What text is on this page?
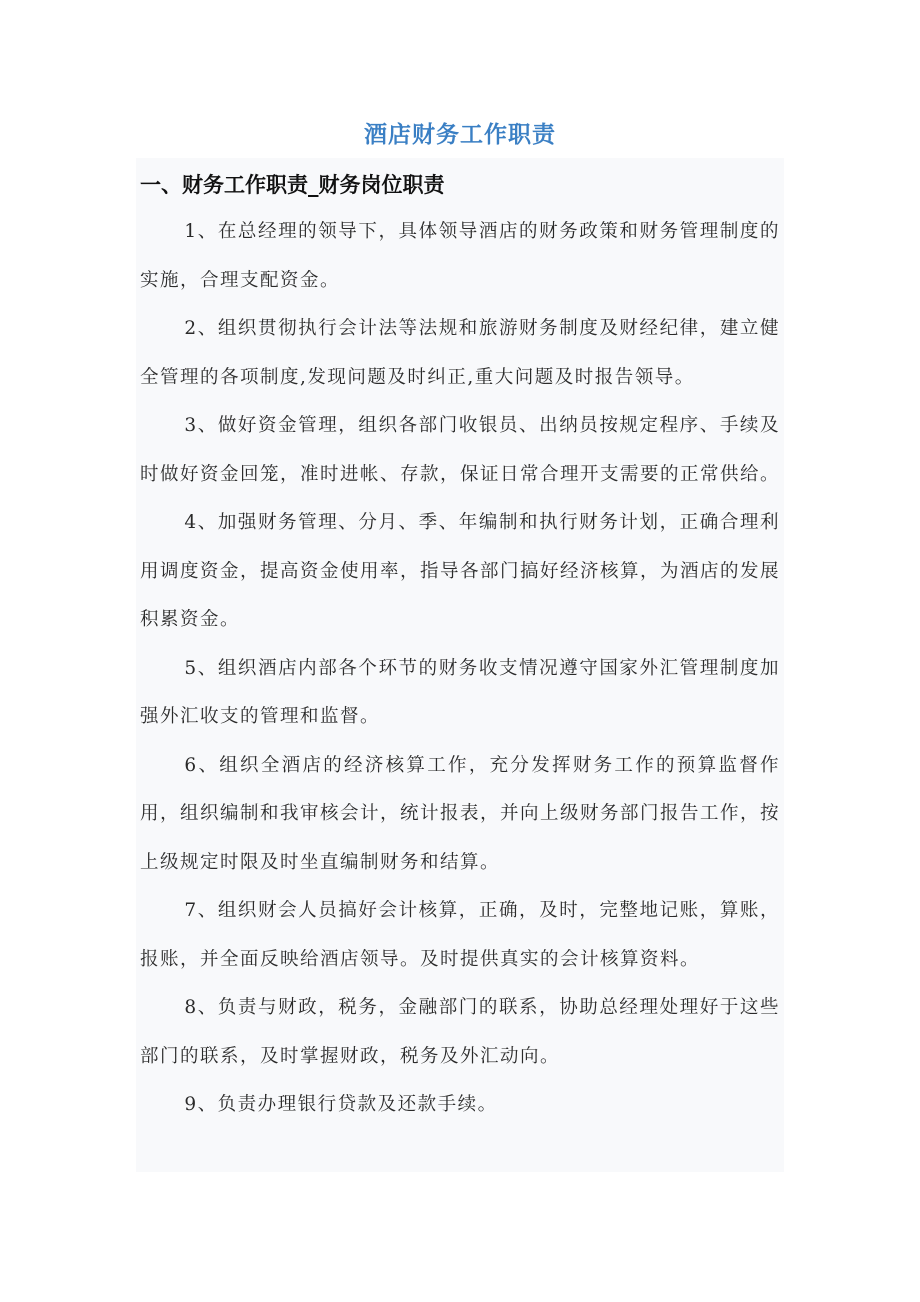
酒店财务工作职责
一、财务工作职责_财务岗位职责

1、在总经理的领导下，具体领导酒店的财务政策和财务管理制度的实施，合理支配资金。

2、组织贯彻执行会计法等法规和旅游财务制度及财经纪律，建立健全管理的各项制度,发现问题及时纠正,重大问题及时报告领导。

3、做好资金管理，组织各部门收银员、出纳员按规定程序、手续及时做好资金回笼，准时进帐、存款，保证日常合理开支需要的正常供给。

4、加强财务管理、分月、季、年编制和执行财务计划，正确合理利用调度资金，提高资金使用率，指导各部门搞好经济核算，为酒店的发展积累资金。

5、组织酒店内部各个环节的财务收支情况遵守国家外汇管理制度加强外汇收支的管理和监督。

6、组织全酒店的经济核算工作，充分发挥财务工作的预算监督作用，组织编制和我审核会计，统计报表，并向上级财务部门报告工作，按上级规定时限及时坐直编制财务和结算。

7、组织财会人员搞好会计核算，正确，及时，完整地记账，算账，报账，并全面反映给酒店领导。及时提供真实的会计核算资料。

8、负责与财政，税务，金融部门的联系，协助总经理处理好于这些部门的联系，及时掌握财政，税务及外汇动向。

9、负责办理银行贷款及还款手续。
